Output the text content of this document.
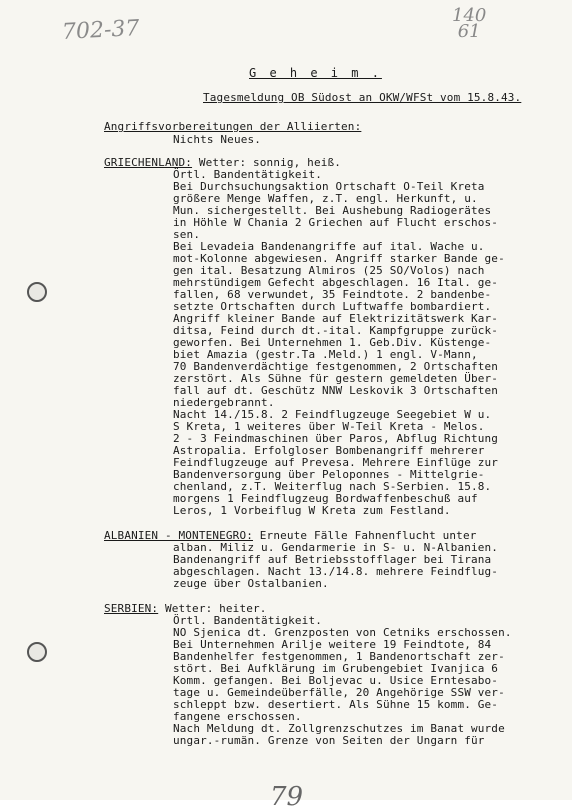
702-37
140
61
G e h e i m .
Tagesmeldung OB Südost an OKW/WFSt vom 15.8.43.
Angriffsvorbereitungen der Alliierten:
Nichts Neues.
GRIECHENLAND: Wetter: sonnig, heiß.
Örtl. Bandentätigkeit.
Bei Durchsuchungsaktion Ortschaft O-Teil Kreta
größere Menge Waffen, z.T. engl. Herkunft, u.
Mun. sichergestellt. Bei Aushebung Radiogerätes
in Höhle W Chania 2 Griechen auf Flucht erschos-
sen.
Bei Levadeia Bandenangriffe auf ital. Wache u.
mot-Kolonne abgewiesen. Angriff starker Bande ge-
gen ital. Besatzung Almiros (25 SO/Volos) nach
mehrstündigem Gefecht abgeschlagen. 16 Ital. ge-
fallen, 68 verwundet, 35 Feindtote. 2 bandenbe-
setzte Ortschaften durch Luftwaffe bombardiert.
Angriff kleiner Bande auf Elektrizitätswerk Kar-
ditsa, Feind durch dt.-ital. Kampfgruppe zurück-
geworfen. Bei Unternehmen 1. Geb.Div. Küstenge-
biet Amazia (gestr.Ta .Meld.) 1 engl. V-Mann,
70 Bandenverdächtige festgenommen, 2 Ortschaften
zerstört. Als Sühne für gestern gemeldeten Über-
fall auf dt. Geschütz NNW Leskovik 3 Ortschaften
niedergebrannt.
Nacht 14./15.8. 2 Feindflugzeuge Seegebiet W u.
S Kreta, 1 weiteres über W-Teil Kreta - Melos.
2 - 3 Feindmaschinen über Paros, Abflug Richtung
Astropalia. Erfolgloser Bombenangriff mehrerer
Feindflugzeuge auf Prevesa. Mehrere Einflüge zur
Bandenversorgung über Peloponnes - Mittelgrie-
chenland, z.T. Weiterflug nach S-Serbien. 15.8.
morgens 1 Feindflugzeug Bordwaffenbeschuß auf
Leros, 1 Vorbeiflug W Kreta zum Festland.
ALBANIEN - MONTENEGRO: Erneute Fälle Fahnenflucht unter
alban. Miliz u. Gendarmerie in S- u. N-Albanien.
Bandenangriff auf Betriebsstofflager bei Tirana
abgeschlagen. Nacht 13./14.8. mehrere Feindflug-
zeuge über Ostalbanien.
SERBIEN: Wetter: heiter.
Örtl. Bandentätigkeit.
NO Sjenica dt. Grenzposten von Cetniks erschossen.
Bei Unternehmen Arilje weitere 19 Feindtote, 84
Bandenhelfer festgenommen, 1 Bandenortschaft zer-
stört. Bei Aufklärung im Grubengebiet Ivanjica 6
Komm. gefangen. Bei Boljevac u. Usice Erntesabo-
tage u. Gemeindeüberfälle, 20 Angehörige SSW ver-
schleppt bzw. desertiert. Als Sühne 15 komm. Ge-
fangene erschossen.
Nach Meldung dt. Zollgrenzschutzes im Banat wurde
ungar.-rumän. Grenze von Seiten der Ungarn für
79
